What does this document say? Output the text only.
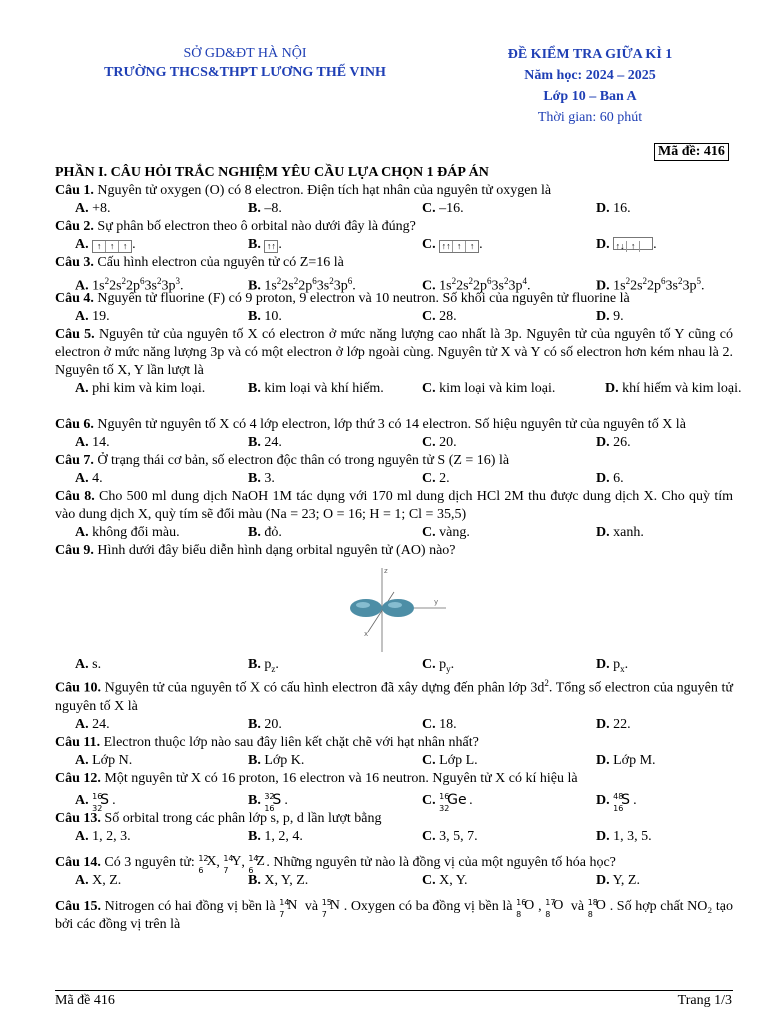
SỞ GD&ĐT HÀ NỘI
TRƯỜNG THCS&THPT LƯƠNG THẾ VINH
ĐỀ KIỂM TRA GIỮA KÌ 1
Năm học: 2024 – 2025
Lớp 10 – Ban A
Thời gian: 60 phút
Mã đề: 416
PHẦN I. CÂU HỎI TRẮC NGHIỆM YÊU CẦU LỰA CHỌN 1 ĐÁP ÁN
Câu 1. Nguyên tử oxygen (O) có 8 electron. Điện tích hạt nhân của nguyên tử oxygen là
A. +8.	B. –8.	C. –16.	D. 16.
Câu 2. Sự phân bố electron theo ô orbital nào dưới đây là đúng?
A. ↑ ↑ ↑ .	B. ↑↑ .	C. ↑↑ ↑ ↑ .	D. ↑↓ ↑ .
Câu 3. Cấu hình electron của nguyên tử có Z=16 là
A. $1s^22s^22p^63s^23p^3$.	B. $1s^22s^22p^63s^23p^6$.	C. $1s^22s^22p^63s^23p^4$.	D. $1s^22s^22p^63s^23p^5$.
Câu 4. Nguyên tử fluorine (F) có 9 proton, 9 electron và 10 neutron. Số khối của nguyên tử fluorine là
A. 19.	B. 10.	C. 28.	D. 9.
Câu 5. Nguyên tử của nguyên tố X có electron ở mức năng lượng cao nhất là 3p. Nguyên tử của nguyên tố Y cũng có electron ở mức năng lượng 3p và có một electron ở lớp ngoài cùng. Nguyên tử X và Y có số electron hơn kém nhau là 2. Nguyên tố X, Y lần lượt là
A. phi kim và kim loại.	B. kim loại và khí hiếm.	C. kim loại và kim loại.	D. khí hiếm và kim loại.
Câu 6. Nguyên tử nguyên tố X có 4 lớp electron, lớp thứ 3 có 14 electron. Số hiệu nguyên tử của nguyên tố X là
A. 14.	B. 24.	C. 20.	D. 26.
Câu 7. Ở trạng thái cơ bản, số electron độc thân có trong nguyên tử S (Z = 16) là
A. 4.	B. 3.	C. 2.	D. 6.
Câu 8. Cho 500 ml dung dịch NaOH 1M tác dụng với 170 ml dung dịch HCl 2M thu được dung dịch X. Cho quỳ tím vào dung dịch X, quỳ tím sẽ đổi màu (Na = 23; O = 16; H = 1; Cl = 35,5)
A. không đổi màu.	B. đỏ.	C. vàng.	D. xanh.
Câu 9. Hình dưới đây biểu diễn hình dạng orbital nguyên tử (AO) nào?
z
y
x
A. s.	B. $p_z$.	C. $p_y$.	D. $p_x$.
Câu 10. Nguyên tử của nguyên tố X có cấu hình electron đã xây dựng đến phân lớp $3d^2$. Tổng số electron của nguyên tử nguyên tố X là
A. 24.	B. 20.	C. 18.	D. 22.
Câu 11. Electron thuộc lớp nào sau đây liên kết chặt chẽ với hạt nhân nhất?
A. Lớp N.	B. Lớp K.	C. Lớp L.	D. Lớp M.
Câu 12. Một nguyên tử X có 16 proton, 16 electron và 16 neutron. Nguyên tử X có kí hiệu là
A. 16
32
S .	B. 32
16
S .	C. 16
32
Ge .	D. 48
16
S .
Câu 13. Số orbital trong các phân lớp s, p, d lần lượt bằng
A. 1, 2, 3.	B. 1, 2, 4.	C. 3, 5, 7.	D. 1, 3, 5.
Câu 14. Có 3 nguyên tử: 12
6
X , 14
7
Y , 14
6
Z . Những nguyên tử nào là đồng vị của một nguyên tố hóa học?
A. X, Z.	B. X, Y, Z.	C. X, Y.	D. Y, Z.
Câu 15. Nitrogen có hai đồng vị bền là 14
7
N và 15
7
N . Oxygen có ba đồng vị bền là 16
8
O , 17
8
O và 18
8
O . Số hợp chất NO₂ tạo bởi các đồng vị trên là
Mã đề 416	Trang 1/3
